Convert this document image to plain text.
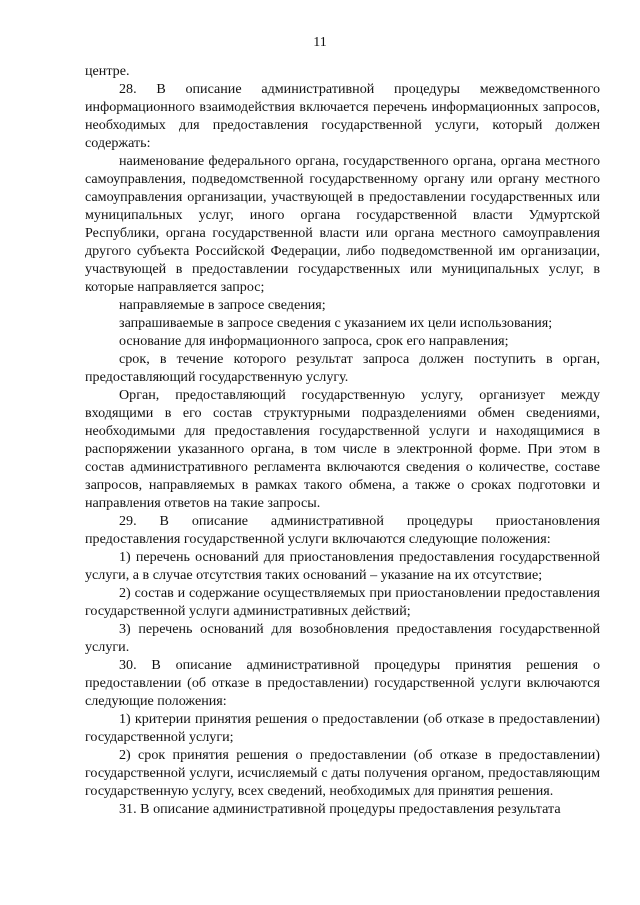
11

центре.

28. В описание административной процедуры межведомственного информационного взаимодействия включается перечень информационных запросов, необходимых для предоставления государственной услуги, который должен содержать:

наименование федерального органа, государственного органа, органа местного самоуправления, подведомственной государственному органу или органу местного самоуправления организации, участвующей в предоставлении государственных или муниципальных услуг, иного органа государственной власти Удмуртской Республики, органа государственной власти или органа местного самоуправления другого субъекта Российской Федерации, либо подведомственной им организации, участвующей в предоставлении государственных или муниципальных услуг, в которые направляется запрос;

направляемые в запросе сведения;

запрашиваемые в запросе сведения с указанием их цели использования;

основание для информационного запроса, срок его направления;

срок, в течение которого результат запроса должен поступить в орган, предоставляющий государственную услугу.

Орган, предоставляющий государственную услугу, организует между входящими в его состав структурными подразделениями обмен сведениями, необходимыми для предоставления государственной услуги и находящимися в распоряжении указанного органа, в том числе в электронной форме. При этом в состав административного регламента включаются сведения о количестве, составе запросов, направляемых в рамках такого обмена, а также о сроках подготовки и направления ответов на такие запросы.

29. В описание административной процедуры приостановления предоставления государственной услуги включаются следующие положения:

1) перечень оснований для приостановления предоставления государственной услуги, а в случае отсутствия таких оснований – указание на их отсутствие;

2) состав и содержание осуществляемых при приостановлении предоставления государственной услуги административных действий;

3) перечень оснований для возобновления предоставления государственной услуги.

30. В описание административной процедуры принятия решения о предоставлении (об отказе в предоставлении) государственной услуги включаются следующие положения:

1) критерии принятия решения о предоставлении (об отказе в предоставлении) государственной услуги;

2) срок принятия решения о предоставлении (об отказе в предоставлении) государственной услуги, исчисляемый с даты получения органом, предоставляющим государственную услугу, всех сведений, необходимых для принятия решения.

31. В описание административной процедуры предоставления результата
